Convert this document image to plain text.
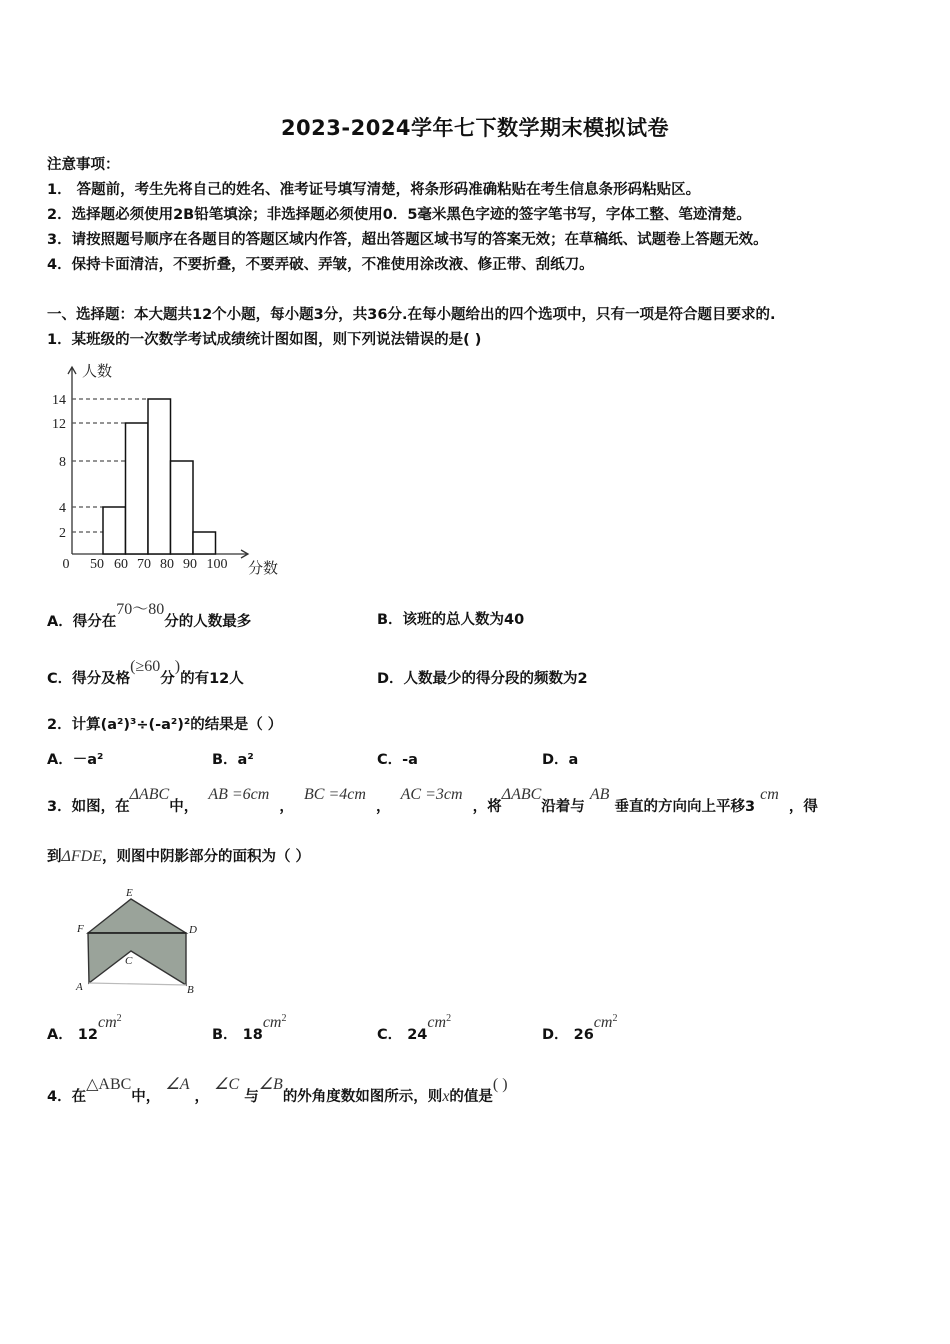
2023-2024学年七下数学期末模拟试卷
注意事项：
1． 答题前，考生先将自己的姓名、准考证号填写清楚，将条形码准确粘贴在考生信息条形码粘贴区。
2．选择题必须使用2B铅笔填涂；非选择题必须使用0．5毫米黑色字迹的签字笔书写，字体工整、笔迹清楚。
3．请按照题号顺序在各题目的答题区域内作答，超出答题区域书写的答案无效；在草稿纸、试题卷上答题无效。
4．保持卡面清洁，不要折叠，不要弄破、弄皱，不准使用涂改液、修正带、刮纸刀。
一、选择题：本大题共12个小题，每小题3分，共36分.在每小题给出的四个选项中，只有一项是符合题目要求的.
1．某班级的一次数学考试成绩统计图如图，则下列说法错误的是( )
14
12
8
4
2
0 50 60 70 80 90 100
人数
分数
A．得分在70～80分的人数最多	B．该班的总人数为40
C．得分及格(≥60分)的有12人	D．人数最少的得分段的频数为2
2．计算(a²)³÷(-a²)²的结果是（ ）
A．－a²	B．a²	C．-a	D．a
3．如图，在ΔABC中，  AB =6cm  ，  BC =4cm  ，  AC =3cm  ，将ΔABC沿着与 AB 垂直的方向向上平移3 cm  ，得
到ΔFDE，则图中阴影部分的面积为（ ）
E
F	D
C
A	B
A． $12cm^2$
B． $18cm^2$
C． $24cm^2$
D． $26cm^2$
4．在△ABC中， ∠A ， ∠C 与∠B的外角度数如图所示，则x的值是( )
